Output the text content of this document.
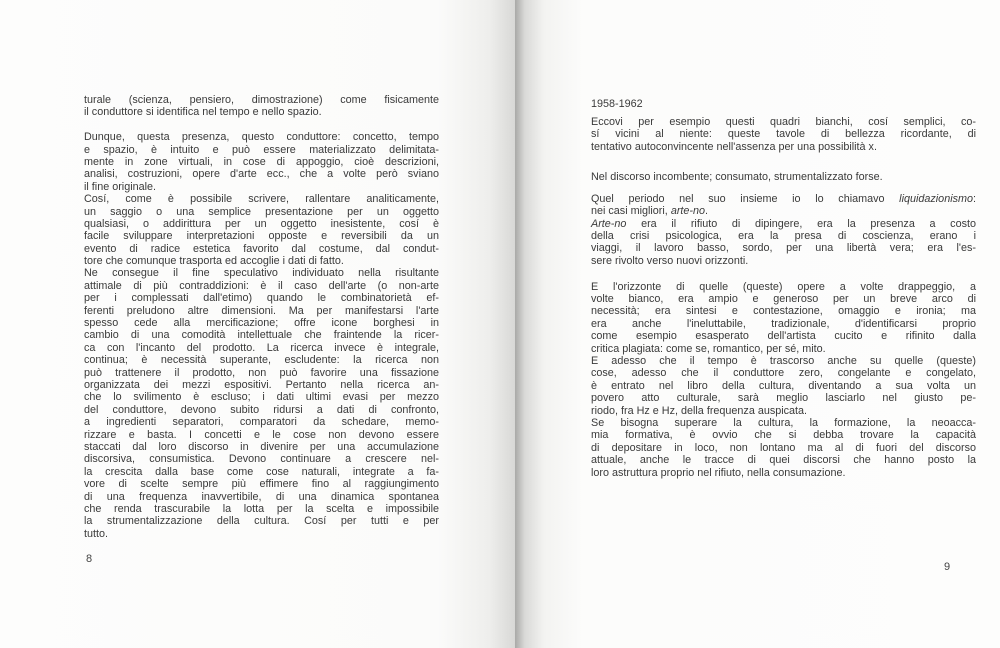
turale (scienza, pensiero, dimostrazione) come fisicamente
il conduttore si identifica nel tempo e nello spazio.
Dunque, questa presenza, questo conduttore: concetto, tempo
e spazio, è intuito e può essere materializzato delimitata-
mente in zone virtuali, in cose di appoggio, cioè descrizioni,
analisi, costruzioni, opere d'arte ecc., che a volte però sviano
il fine originale.
Cosí, come è possibile scrivere, rallentare analiticamente,
un saggio o una semplice presentazione per un oggetto
qualsiasi, o addirittura per un oggetto inesistente, cosí è
facile sviluppare interpretazioni opposte e reversibili da un
evento di radice estetica favorito dal costume, dal condut-
tore che comunque trasporta ed accoglie i dati di fatto.
Ne consegue il fine speculativo individuato nella risultante
attimale di più contraddizioni: è il caso dell'arte (o non-arte
per i complessati dall'etimo) quando le combinatorietà ef-
ferenti preludono altre dimensioni. Ma per manifestarsi l'arte
spesso cede alla mercificazione; offre icone borghesi in
cambio di una comodità intellettuale che fraintende la ricer-
ca con l'incanto del prodotto. La ricerca invece è integrale,
continua; è necessità superante, escludente: la ricerca non
può trattenere il prodotto, non può favorire una fissazione
organizzata dei mezzi espositivi. Pertanto nella ricerca an-
che lo svilimento è escluso; i dati ultimi evasi per mezzo
del conduttore, devono subito ridursi a dati di confronto,
a ingredienti separatori, comparatori da schedare, memo-
rizzare e basta. I concetti e le cose non devono essere
staccati dal loro discorso in divenire per una accumulazione
discorsiva, consumistica. Devono continuare a crescere nel-
la crescita dalla base come cose naturali, integrate a fa-
vore di scelte sempre più effimere fino al raggiungimento
di una frequenza inavvertibile, di una dinamica spontanea
che renda trascurabile la lotta per la scelta e impossibile
la strumentalizzazione della cultura. Cosí per tutti e per
tutto.
8
1958-1962
Eccovi per esempio questi quadri bianchi, cosí semplici, co-
sí vicini al niente: queste tavole di bellezza ricordante, di
tentativo autoconvincente nell'assenza per una possibilità x.
Nel discorso incombente; consumato, strumentalizzato forse.
Quel periodo nel suo insieme io lo chiamavo liquidazionismo:
nei casi migliori, arte-no.
Arte-no era il rifiuto di dipingere, era la presenza a costo
della crisi psicologica, era la presa di coscienza, erano i
viaggi, il lavoro basso, sordo, per una libertà vera; era l'es-
sere rivolto verso nuovi orizzonti.
E l'orizzonte di quelle (queste) opere a volte drappeggio, a
volte bianco, era ampio e generoso per un breve arco di
necessità; era sintesi e contestazione, omaggio e ironia; ma
era anche l'ineluttabile, tradizionale, d'identificarsi proprio
come esempio esasperato dell'artista cucito e rifinito dalla
critica plagiata: come se, romantico, per sé, mito.
E adesso che il tempo è trascorso anche su quelle (queste)
cose, adesso che il conduttore zero, congelante e congelato,
è entrato nel libro della cultura, diventando a sua volta un
povero atto culturale, sarà meglio lasciarlo nel giusto pe-
riodo, fra Hz e Hz, della frequenza auspicata.
Se bisogna superare la cultura, la formazione, la neoacca-
mia formativa, è ovvio che si debba trovare la capacità
di depositare in loco, non lontano ma al di fuori del discorso
attuale, anche le tracce di quei discorsi che hanno posto la
loro astruttura proprio nel rifiuto, nella consumazione.
9
